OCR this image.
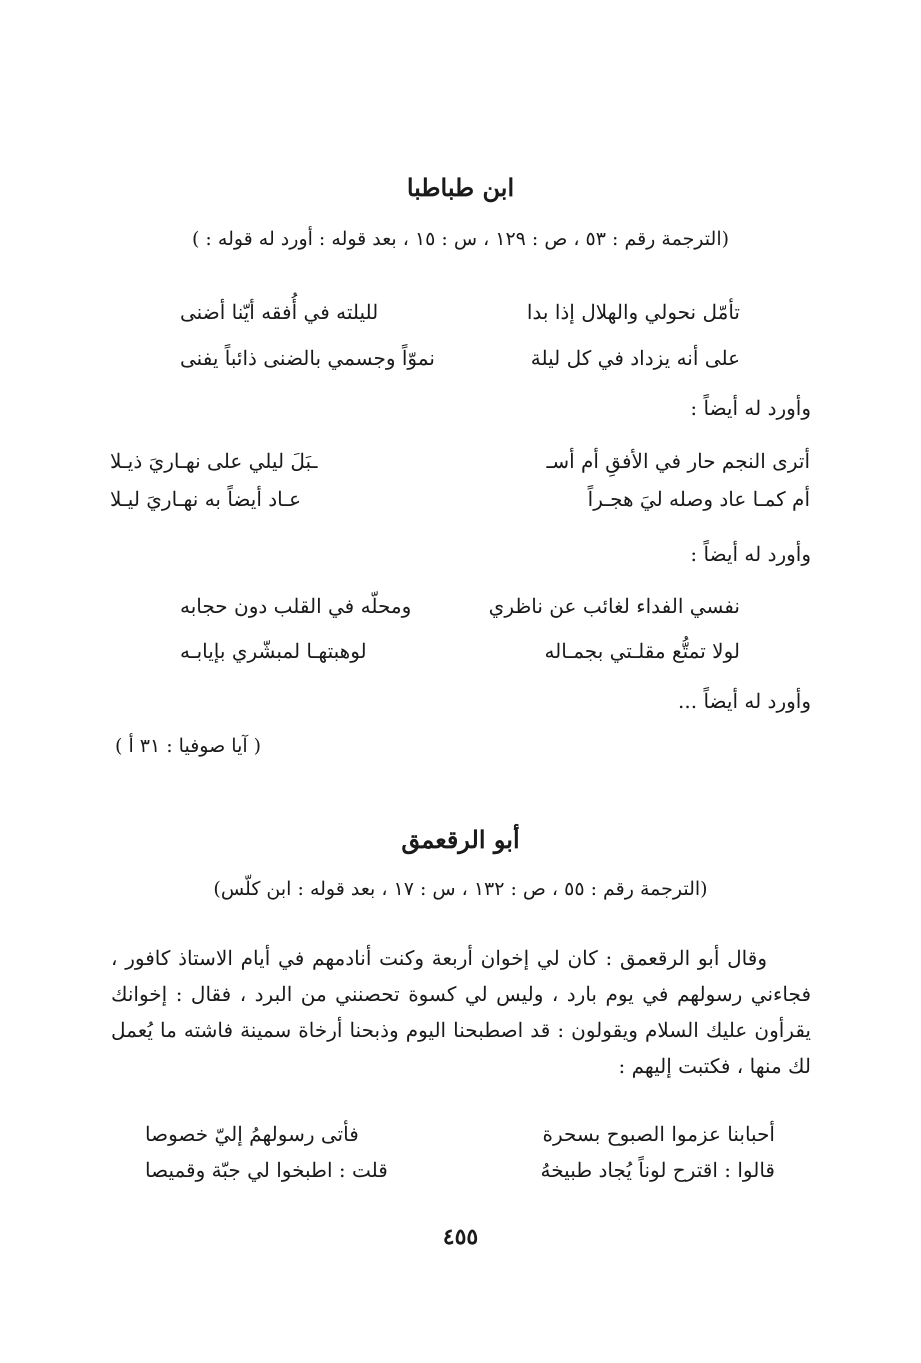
ابن طباطبا
(الترجمة رقم : ٥٣ ، ص : ١٢٩ ، س : ١٥ ، بعد قوله : أورد له قوله : )
تأمّل نحولي والهلال إذا بدا
لليلته في أُفقه أيّنا أضنى
على أنه يزداد في كل ليلة
نموّاً وجسمي بالضنى ذائباً يفنى
وأورد له أيضاً :
أترى النجم حار في الأفقِ أم أسـ
ـبَلَ ليلي على نهـاريَ ذيـلا
أم كمـا عاد وصله ليَ هجـراً
عـاد أيضاً به نهـاريَ ليـلا
وأورد له أيضاً :
نفسي الفداء لغائب عن ناظري
ومحلّه في القلب دون حجابه
لولا تمتُّع مقلـتي بجمـاله
لوهبتهـا لمبشّري بإيابـه
وأورد له أيضاً ...
( آيا صوفيا : ٣١ أ )
أبو الرقعمق
(الترجمة رقم : ٥٥ ، ص : ١٣٢ ، س : ١٧ ، بعد قوله : ابن كلّس)

وقال أبو الرقعمق : كان لي إخوان أربعة وكنت أنادمهم في أيام الاستاذ كافور ، فجاءني رسولهم في يوم بارد ، وليس لي كسوة تحصنني من البرد ، فقال : إخوانك يقرأون عليك السلام ويقولون : قد اصطبحنا اليوم وذبحنا أرخاة سمينة فاشته ما يُعمل لك منها ، فكتبت إليهم :

أحبابنا عزموا الصبوح بسحرة
فأتى رسولهمُ إليّ خصوصا
قالوا : اقترح لوناً يُجاد طبيخهُ
قلت : اطبخوا لي جبّة وقميصا
٤٥٥
